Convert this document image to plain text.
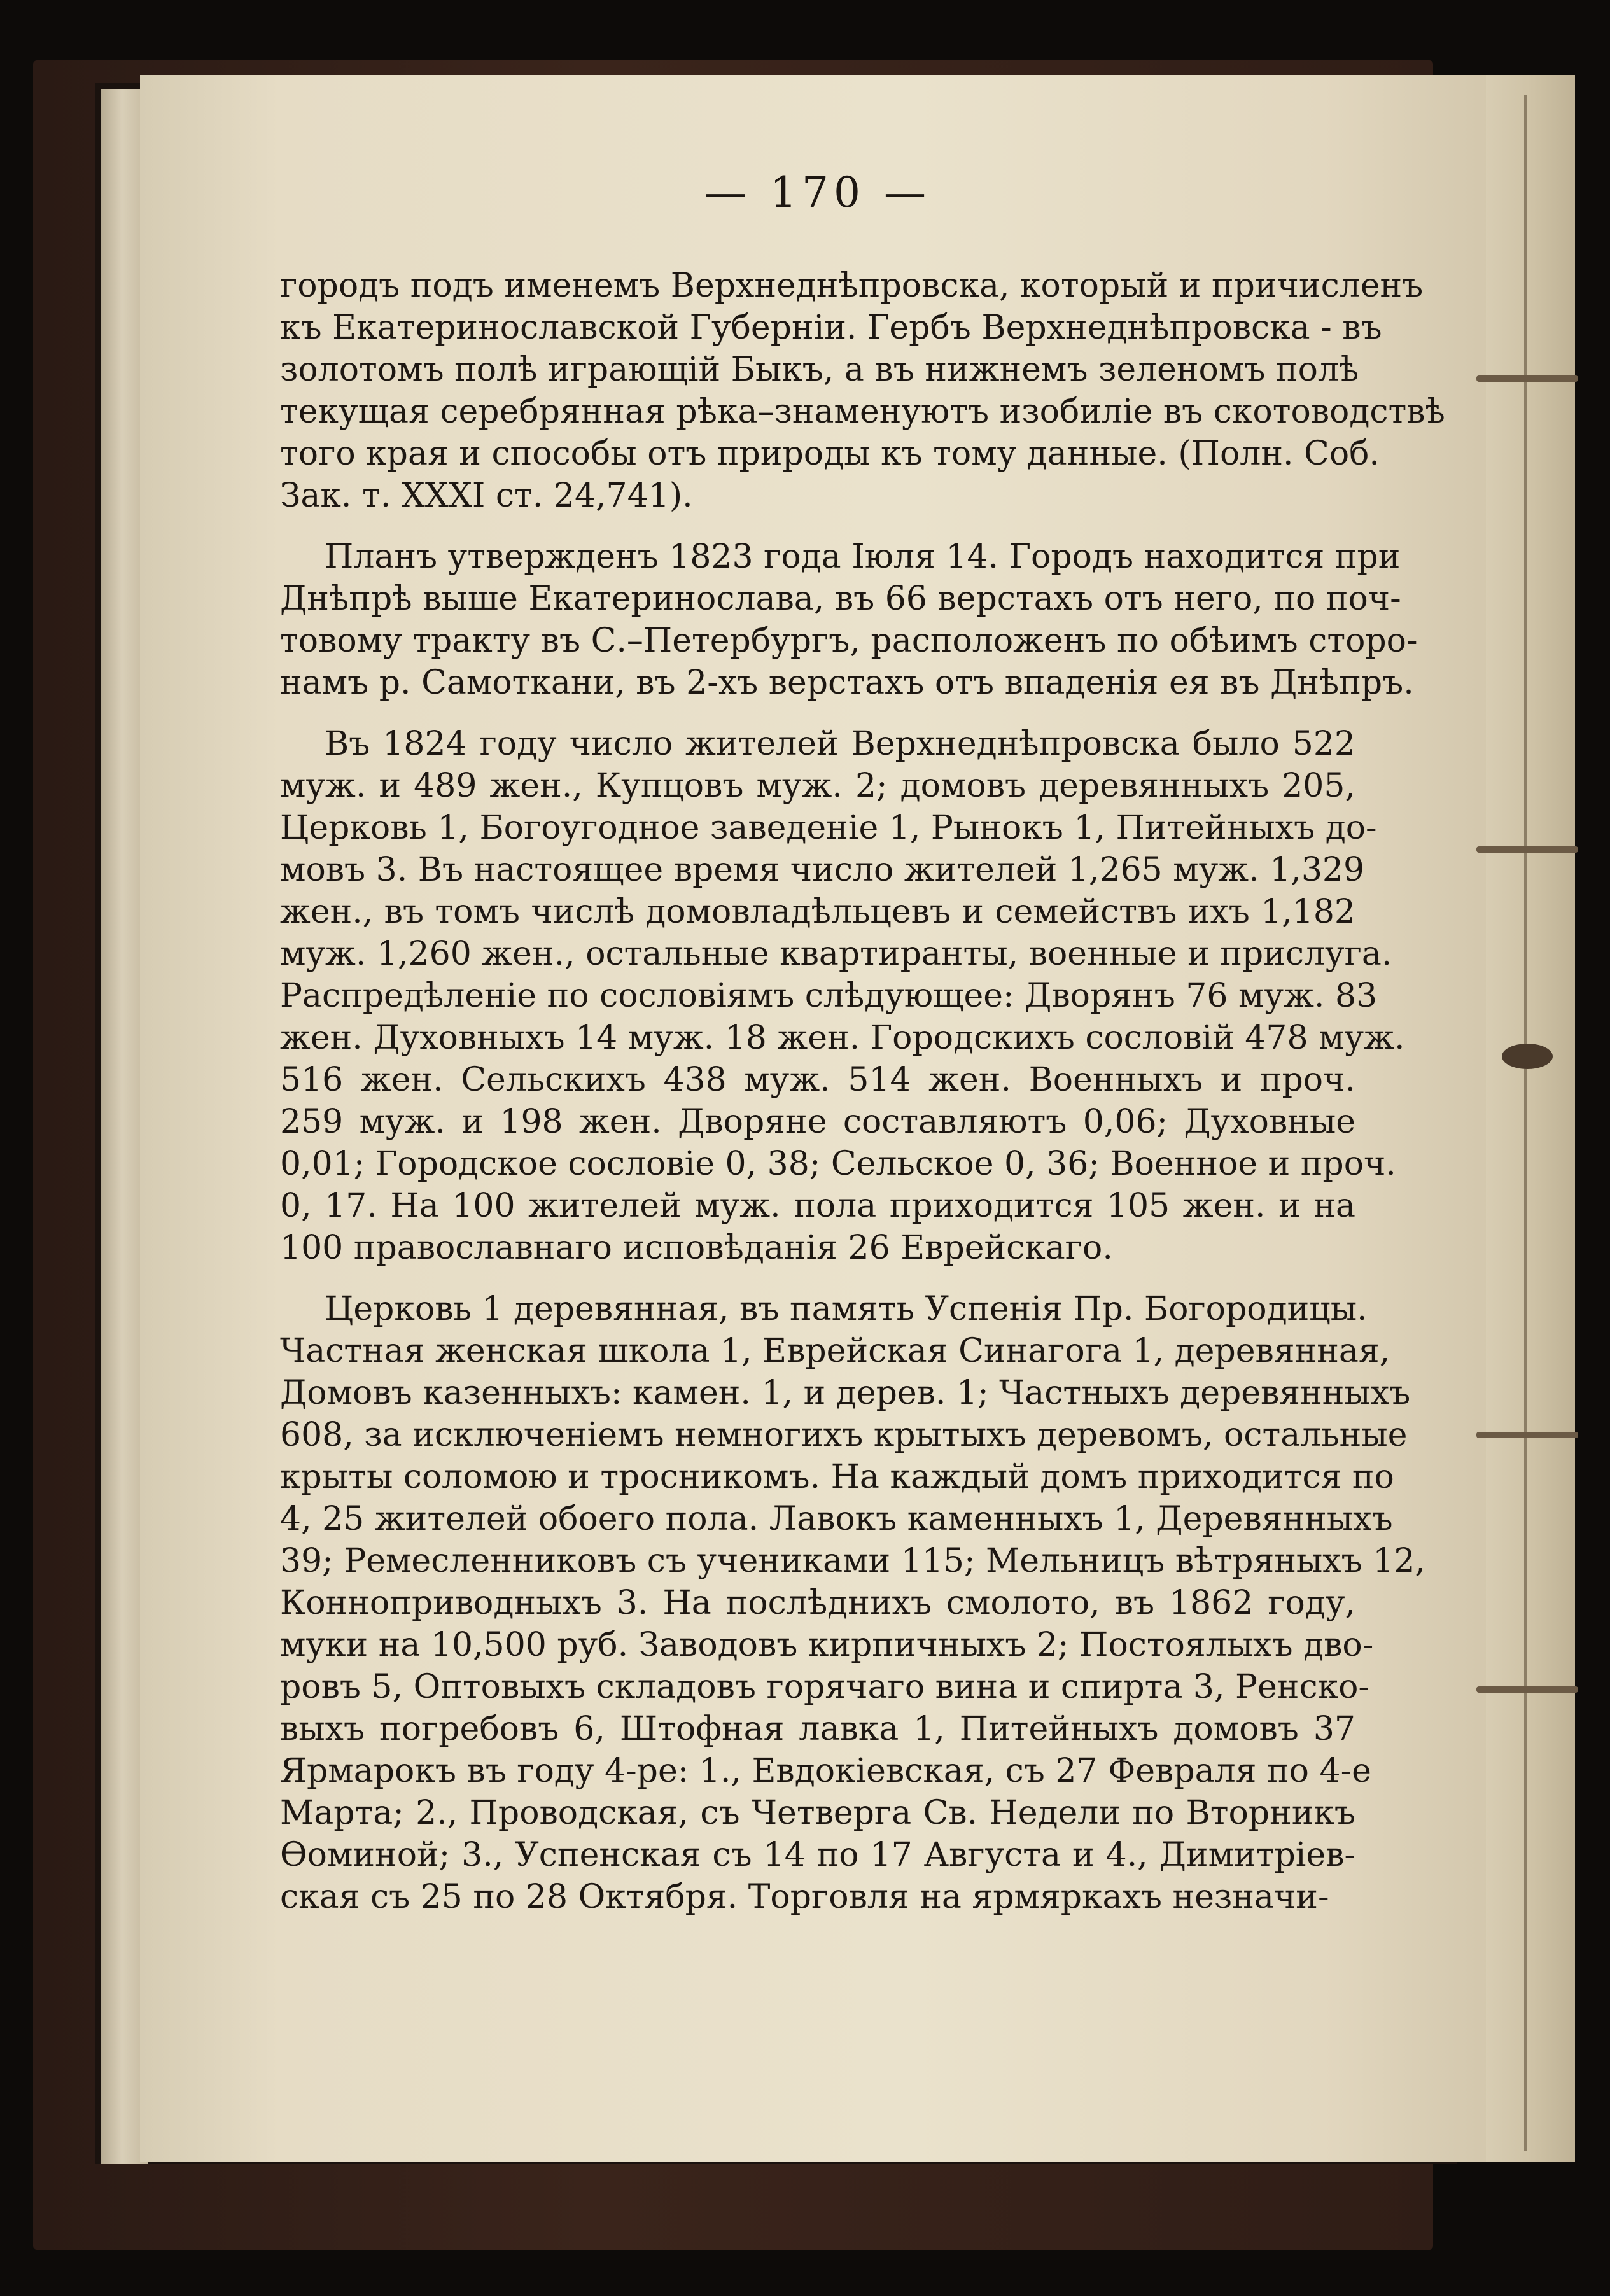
— 170 —
городъ подъ именемъ Верхнеднѣпровска, который и причисленъ
къ Екатеринославской Губерніи. Гербъ Верхнеднѣпровска - въ
золотомъ полѣ играющій Быкъ, а въ нижнемъ зеленомъ полѣ
текущая серебрянная рѣка–знаменуютъ изобиліе въ скотоводствѣ
того края и способы отъ природы къ тому данные. (Полн. Соб.
Зак. т. XXXI ст. 24,741).
Планъ утвержденъ 1823 года Іюля 14. Городъ находится при
Днѣпрѣ выше Екатеринослава, въ 66 верстахъ отъ него, по поч-
товому тракту въ С.–Петербургъ, расположенъ по обѣимъ сторо-
намъ р. Самоткани, въ 2-хъ верстахъ отъ впаденія ея въ Днѣпръ.
Въ 1824 году число жителей Верхнеднѣпровска было 522
муж. и 489 жен., Купцовъ муж. 2; домовъ деревянныхъ 205,
Церковь 1, Богоугодное заведеніе 1, Рынокъ 1, Питейныхъ до-
мовъ 3. Въ настоящее время число жителей 1,265 муж. 1,329
жен., въ томъ числѣ домовладѣльцевъ и семействъ ихъ 1,182
муж. 1,260 жен., остальные квартиранты, военные и прислуга.
Распредѣленіе по сословіямъ слѣдующее: Дворянъ 76 муж. 83
жен. Духовныхъ 14 муж. 18 жен. Городскихъ сословій 478 муж.
516 жен. Сельскихъ 438 муж. 514 жен. Военныхъ и проч.
259 муж. и 198 жен. Дворяне составляютъ 0,06; Духовные
0,01; Городское сословіе 0, 38; Сельское 0, 36; Военное и проч.
0, 17. На 100 жителей муж. пола приходится 105 жен. и на
100 православнаго исповѣданія 26 Еврейскаго.
Церковь 1 деревянная, въ память Успенія Пр. Богородицы.
Частная женская школа 1, Еврейская Синагога 1, деревянная,
Домовъ казенныхъ: камен. 1, и дерев. 1; Частныхъ деревянныхъ
608, за исключеніемъ немногихъ крытыхъ деревомъ, остальные
крыты соломою и тросникомъ. На каждый домъ приходится по
4, 25 жителей обоего пола. Лавокъ каменныхъ 1, Деревянныхъ
39; Ремесленниковъ съ учениками 115; Мельницъ вѣтряныхъ 12,
Конноприводныхъ 3. На послѣднихъ смолото, въ 1862 году,
муки на 10,500 руб. Заводовъ кирпичныхъ 2; Постоялыхъ дво-
ровъ 5, Оптовыхъ складовъ горячаго вина и спирта 3, Ренско-
выхъ погребовъ 6, Штофная лавка 1, Питейныхъ домовъ 37
Ярмарокъ въ году 4-ре: 1., Евдокіевская, съ 27 Февраля по 4-е
Марта; 2., Проводская, съ Четверга Св. Недели по Вторникъ
Ѳоминой; 3., Успенская съ 14 по 17 Августа и 4., Димитріев-
ская съ 25 по 28 Октября. Торговля на ярмяркахъ незначи-
